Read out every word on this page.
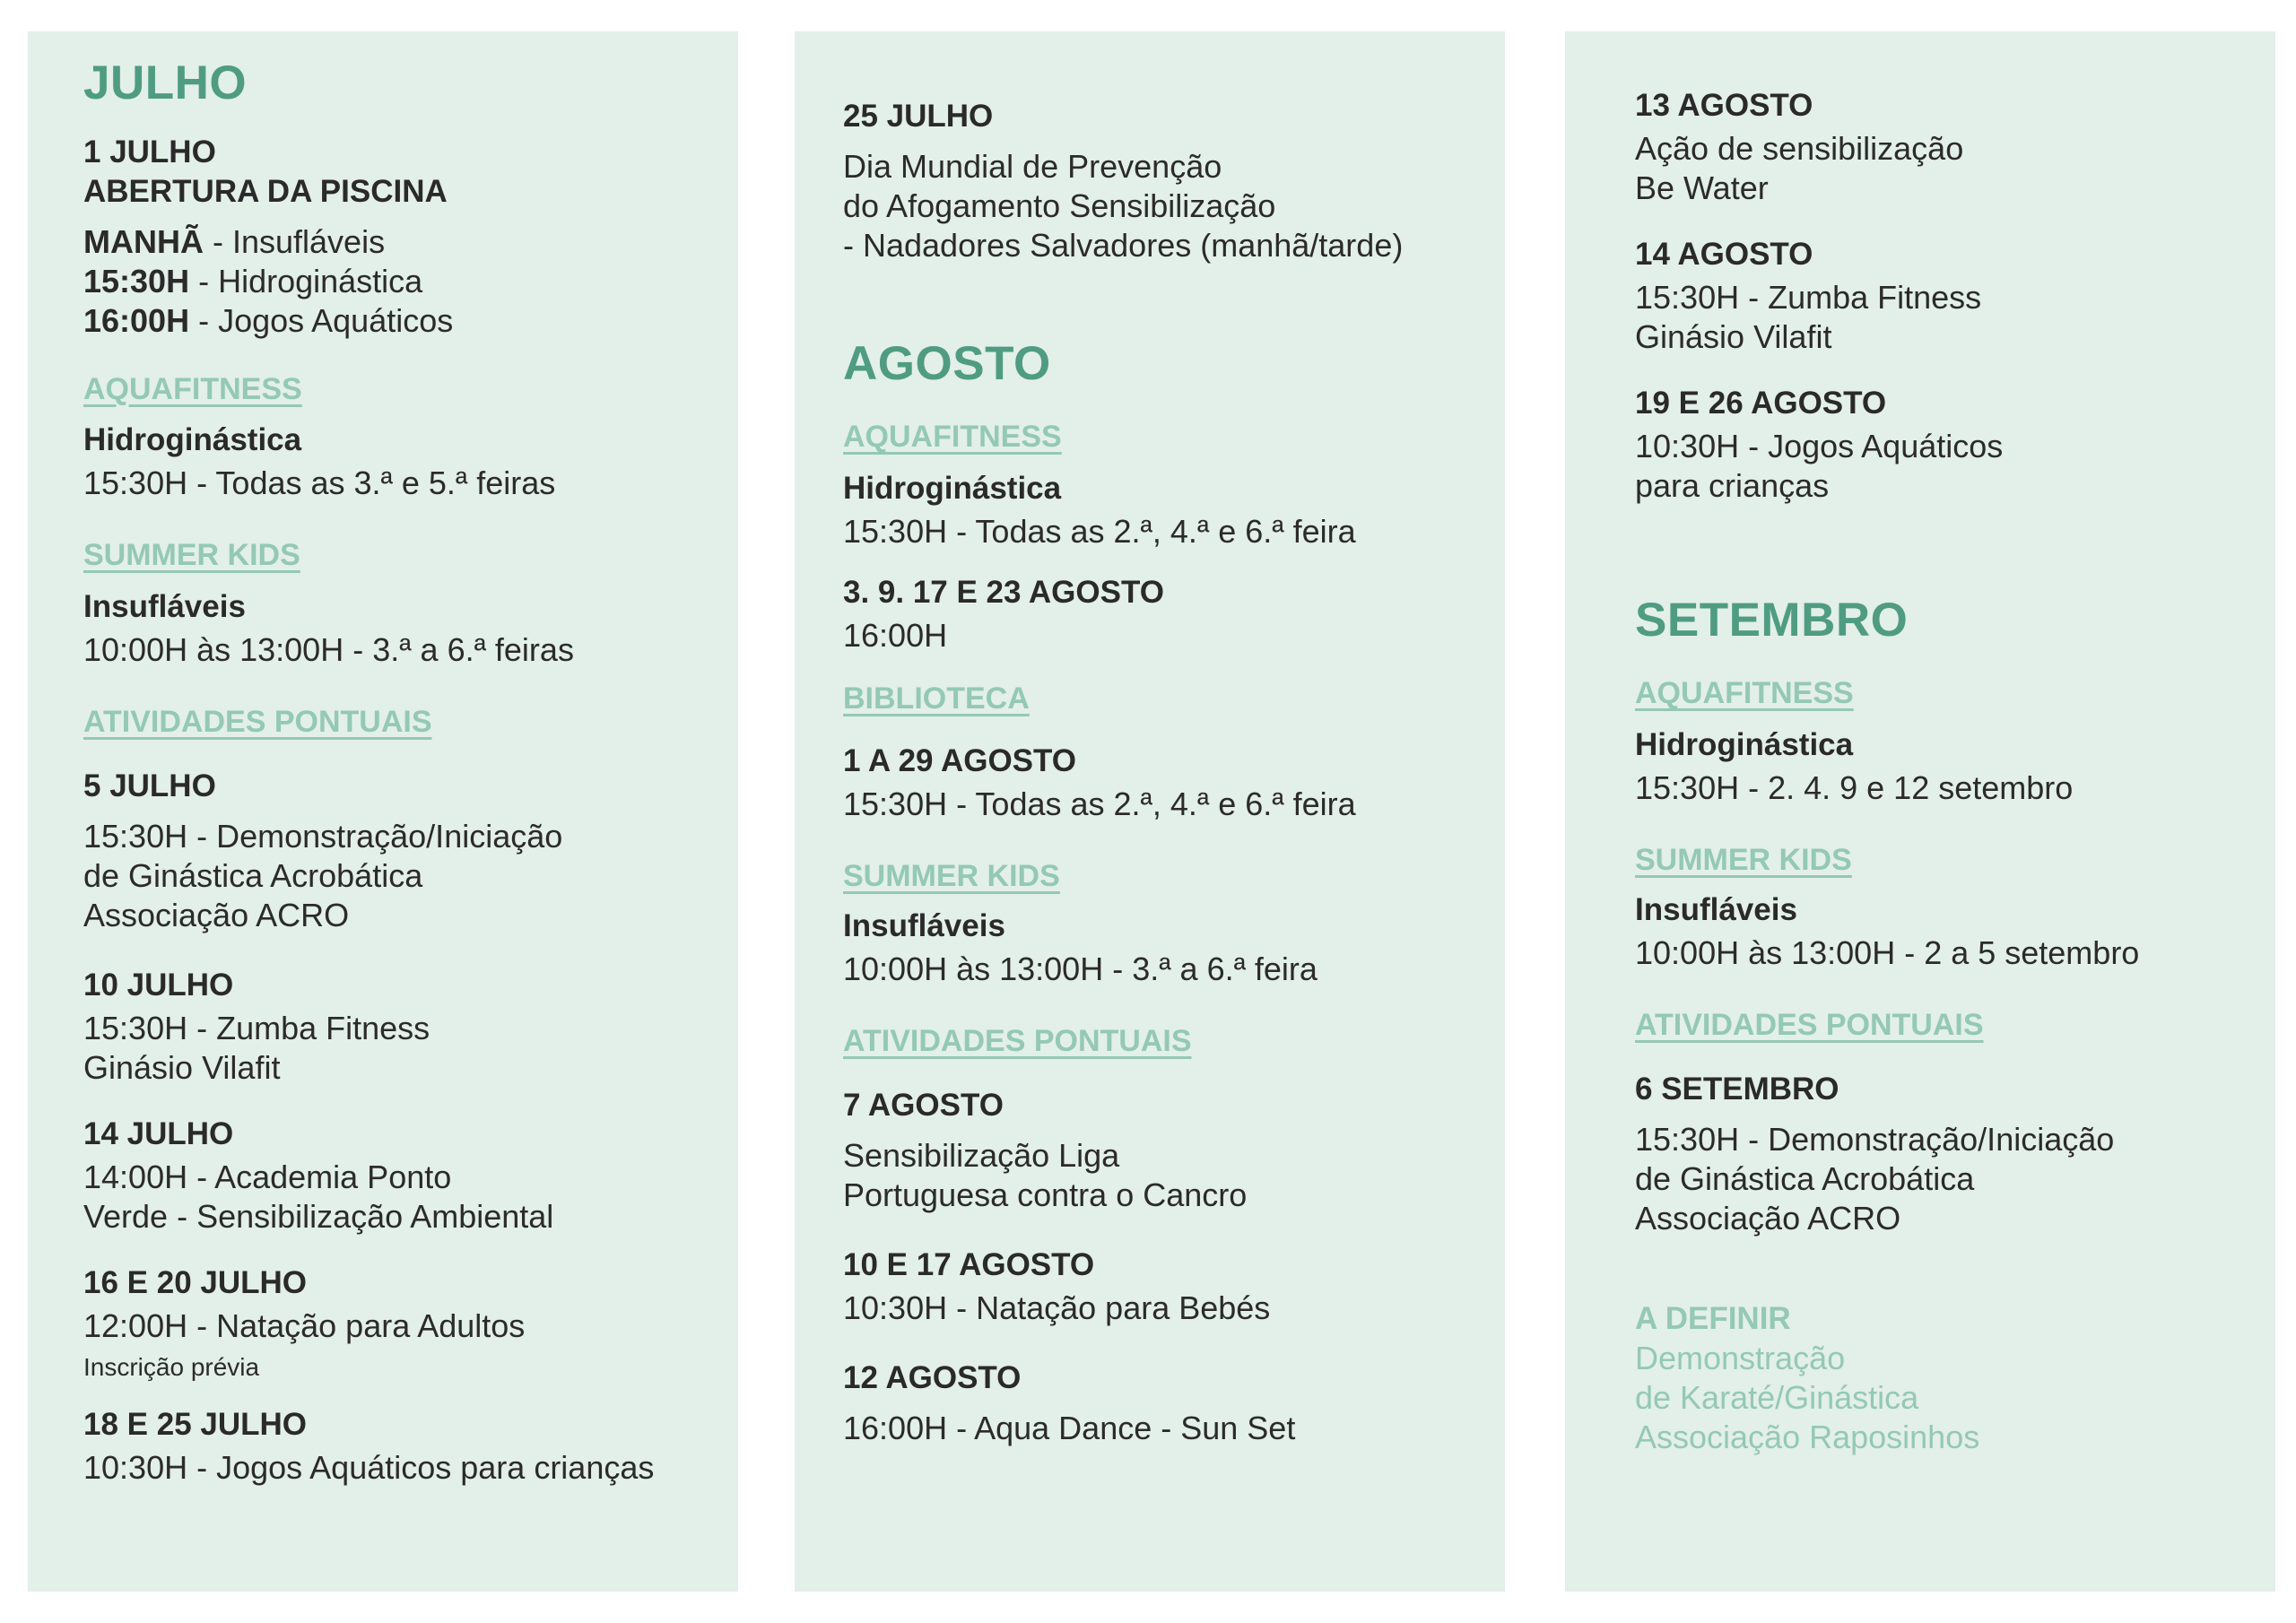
JULHO

1 JULHO

ABERTURA DA PISCINA

MANHÃ - Insufláveis

15:30H - Hidroginástica

16:00H - Jogos Aquáticos

AQUAFITNESS

Hidroginástica

15:30H - Todas as 3.ª e 5.ª feiras

SUMMER KIDS

Insufláveis

10:00H às 13:00H - 3.ª a 6.ª feiras

ATIVIDADES PONTUAIS

5 JULHO

15:30H - Demonstração/Iniciação

de Ginástica Acrobática

Associação ACRO

10 JULHO

15:30H - Zumba Fitness

Ginásio Vilafit

14 JULHO

14:00H - Academia Ponto

Verde - Sensibilização Ambiental

16 E 20 JULHO

12:00H - Natação para Adultos

Inscrição prévia

18 E 25 JULHO

10:30H - Jogos Aquáticos para crianças

25 JULHO

Dia Mundial de Prevenção

do Afogamento Sensibilização

- Nadadores Salvadores (manhã/tarde)

AGOSTO

AQUAFITNESS

Hidroginástica

15:30H - Todas as 2.ª, 4.ª e 6.ª feira

3. 9. 17 E 23 AGOSTO

16:00H

BIBLIOTECA

1 A 29 AGOSTO

15:30H - Todas as 2.ª, 4.ª e 6.ª feira

SUMMER KIDS

Insufláveis

10:00H às 13:00H - 3.ª a 6.ª feira

ATIVIDADES PONTUAIS

7 AGOSTO

Sensibilização Liga

Portuguesa contra o Cancro

10 E 17 AGOSTO

10:30H - Natação para Bebés

12 AGOSTO

16:00H - Aqua Dance - Sun Set

13 AGOSTO

Ação de sensibilização

Be Water

14 AGOSTO

15:30H - Zumba Fitness

Ginásio Vilafit

19 E 26 AGOSTO

10:30H - Jogos Aquáticos

para crianças

SETEMBRO

AQUAFITNESS

Hidroginástica

15:30H - 2. 4. 9 e 12 setembro

SUMMER KIDS

Insufláveis

10:00H às 13:00H - 2 a 5 setembro

ATIVIDADES PONTUAIS

6 SETEMBRO

15:30H - Demonstração/Iniciação

de Ginástica Acrobática

Associação ACRO

A DEFINIR

Demonstração

de Karaté/Ginástica

Associação Raposinhos
